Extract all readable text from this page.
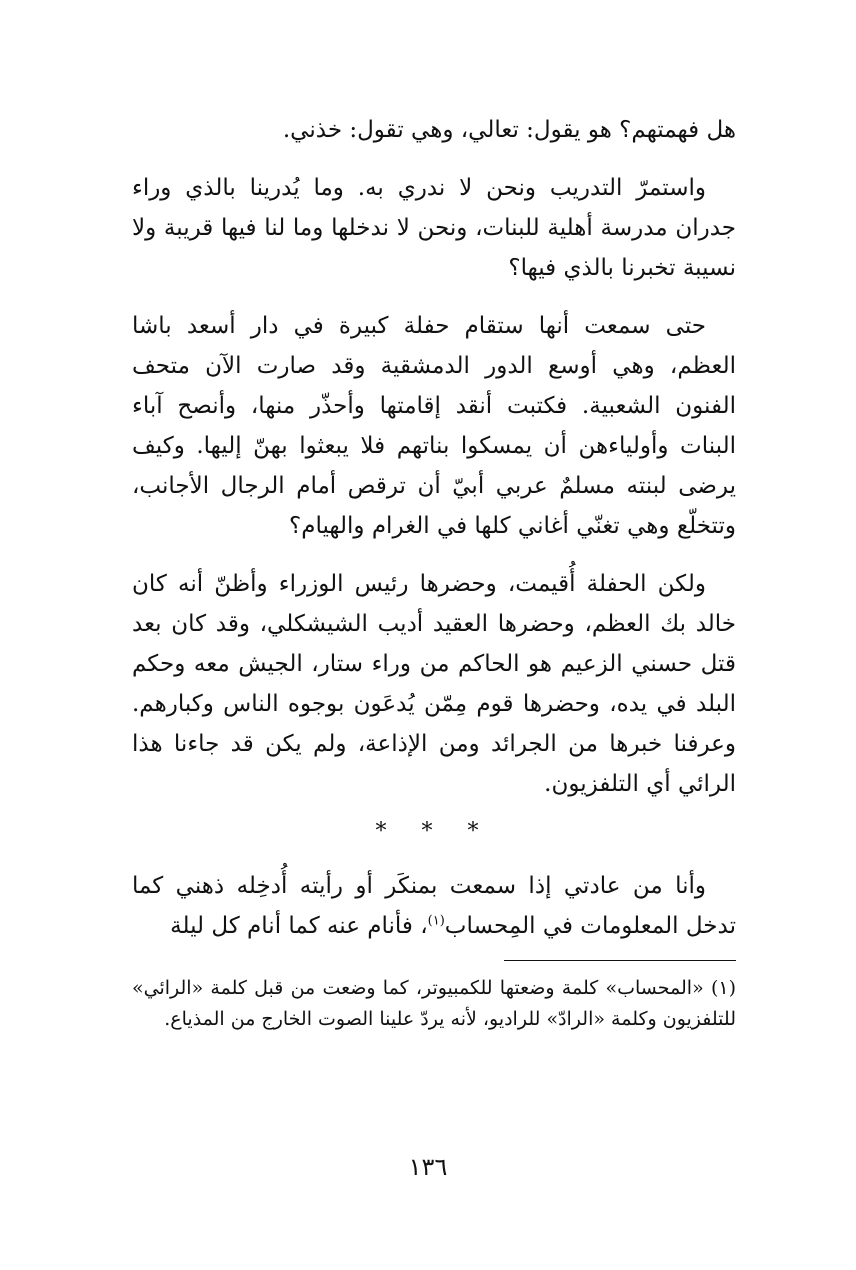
هل فهمتهم؟ هو يقول: تعالي، وهي تقول: خذني.

واستمرّ التدريب ونحن لا ندري به. وما يُدرينا بالذي وراء جدران مدرسة أهلية للبنات، ونحن لا ندخلها وما لنا فيها قريبة ولا نسيبة تخبرنا بالذي فيها؟

حتى سمعت أنها ستقام حفلة كبيرة في دار أسعد باشا العظم، وهي أوسع الدور الدمشقية وقد صارت الآن متحف الفنون الشعبية. فكتبت أنقد إقامتها وأحذّر منها، وأنصح آباء البنات وأولياءهن أن يمسكوا بناتهم فلا يبعثوا بهنّ إليها. وكيف يرضى لبنته مسلمٌ عربي أبيّ أن ترقص أمام الرجال الأجانب، وتتخلّع وهي تغنّي أغاني كلها في الغرام والهيام؟

ولكن الحفلة أُقيمت، وحضرها رئيس الوزراء وأظنّ أنه كان خالد بك العظم، وحضرها العقيد أديب الشيشكلي، وقد كان بعد قتل حسني الزعيم هو الحاكم من وراء ستار، الجيش معه وحكم البلد في يده، وحضرها قوم مِمّن يُدعَون بوجوه الناس وكبارهم. وعرفنا خبرها من الجرائد ومن الإذاعة، ولم يكن قد جاءنا هذا الرائي أي التلفزيون.

* * *

وأنا من عادتي إذا سمعت بمنكَر أو رأيته أُدخِله ذهني كما تدخل المعلومات في المِحساب$^{(١)}$، فأنام عنه كما أنام كل ليلة

(١) «المحساب» كلمة وضعتها للكمبيوتر، كما وضعت من قبل كلمة «الرائي» للتلفزيون وكلمة «الرادّ» للراديو، لأنه يردّ علينا الصوت الخارج من المذياع.

١٣٦
